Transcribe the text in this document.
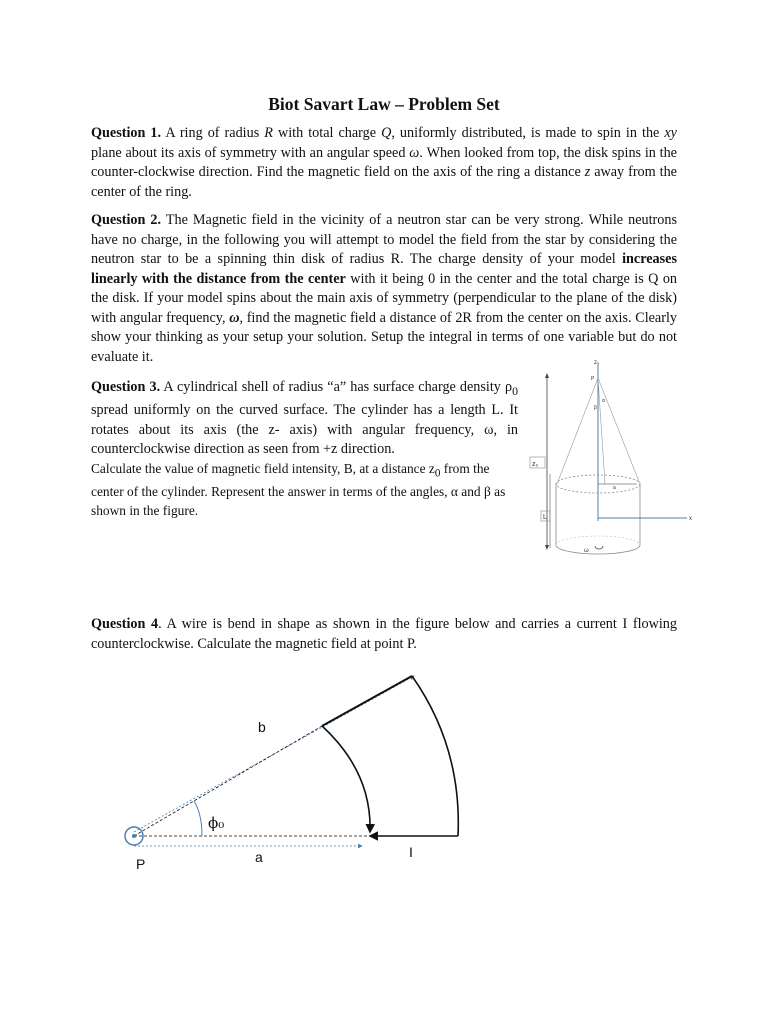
Biot Savart Law – Problem Set

Question 1. A ring of radius R with total charge Q, uniformly distributed, is made to spin in the xy plane about its axis of symmetry with an angular speed ω. When looked from top, the disk spins in the counter-clockwise direction. Find the magnetic field on the axis of the ring a distance z away from the center of the ring.

Question 2. The Magnetic field in the vicinity of a neutron star can be very strong. While neutrons have no charge, in the following you will attempt to model the field from the star by considering the neutron star to be a spinning thin disk of radius R. The charge density of your model increases linearly with the distance from the center with it being 0 in the center and the total charge is Q on the disk. If your model spins about the main axis of symmetry (perpendicular to the plane of the disk) with angular frequency, ω, find the magnetic field a distance of 2R from the center on the axis. Clearly show your thinking as your setup your solution. Setup the integral in terms of one variable but do not evaluate it.

Question 3. A cylindrical shell of radius “a” has surface charge density $\rho_0$ spread uniformly on the curved surface. The cylinder has a length L. It rotates about its axis (the z- axis) with angular frequency, ω, in counterclockwise direction as seen from +z direction.
Calculate the value of magnetic field intensity, B, at a distance $z_0$ from the center of the cylinder. Represent the answer in terms of the angles, α and β as shown in the figure.

z₀
L
z
P
α
β
a
x
ω

Question 4. A wire is bend in shape as shown in the figure below and carries a current I flowing counterclockwise. Calculate the magnetic field at point P.

b
ϕ₀
a
P
I
